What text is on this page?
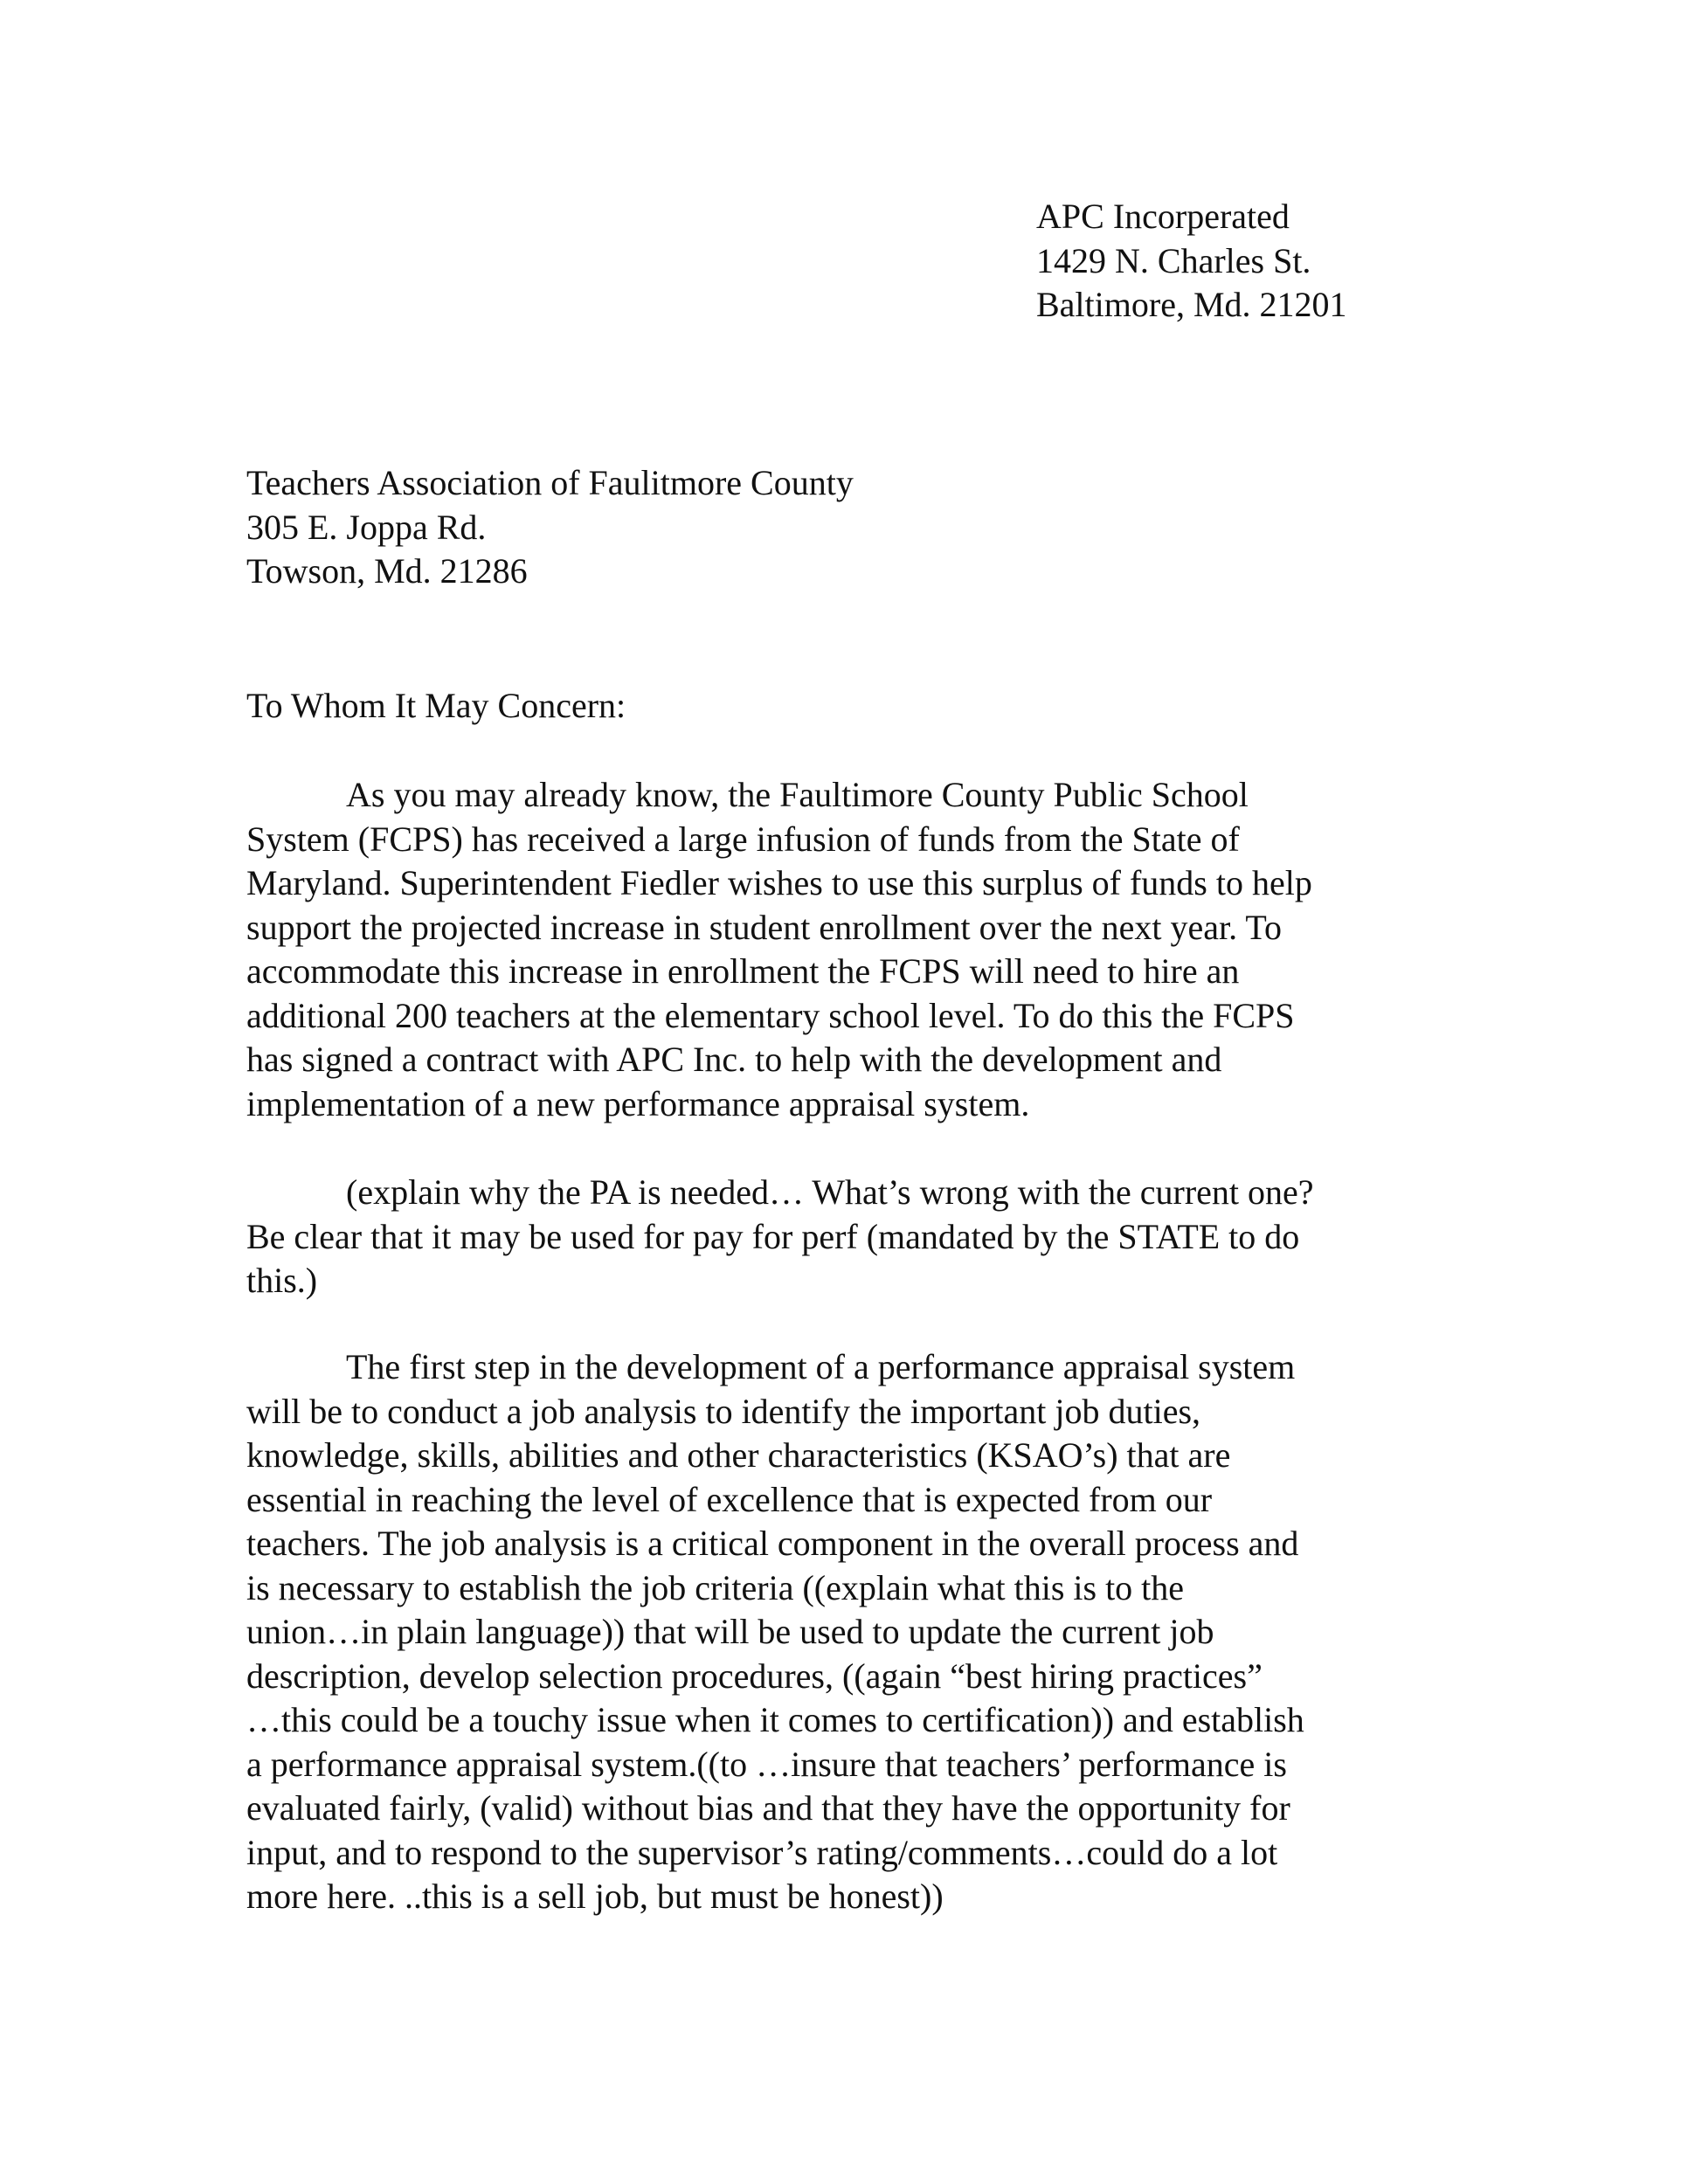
APC Incorperated
1429 N. Charles St.
Baltimore, Md. 21201
Teachers Association of Faulitmore County
305 E. Joppa Rd.
Towson, Md. 21286
To Whom It May Concern:
As you may already know, the Faultimore County Public School
System (FCPS) has received a large infusion of funds from the State of
Maryland. Superintendent Fiedler wishes to use this surplus of funds to help
support the projected increase in student enrollment over the next year. To
accommodate this increase in enrollment the FCPS will need to hire an
additional 200 teachers at the elementary school level. To do this the FCPS
has signed a contract with APC Inc. to help with the development and
implementation of a new performance appraisal system.
(explain why the PA is needed… What’s wrong with the current one?
Be clear that it may be used for pay for perf (mandated by the STATE to do
this.)
The first step in the development of a performance appraisal system
will be to conduct a job analysis to identify the important job duties,
knowledge, skills, abilities and other characteristics (KSAO’s) that are
essential in reaching the level of excellence that is expected from our
teachers. The job analysis is a critical component in the overall process and
is necessary to establish the job criteria ((explain what this is to the
union…in plain language)) that will be used to update the current job
description, develop selection procedures, ((again “best hiring practices”
…this could be a touchy issue when it comes to certification)) and establish
a performance appraisal system.((to …insure that teachers’ performance is
evaluated fairly, (valid) without bias and that they have the opportunity for
input, and to respond to the supervisor’s rating/comments…could do a lot
more here. ..this is a sell job, but must be honest))
